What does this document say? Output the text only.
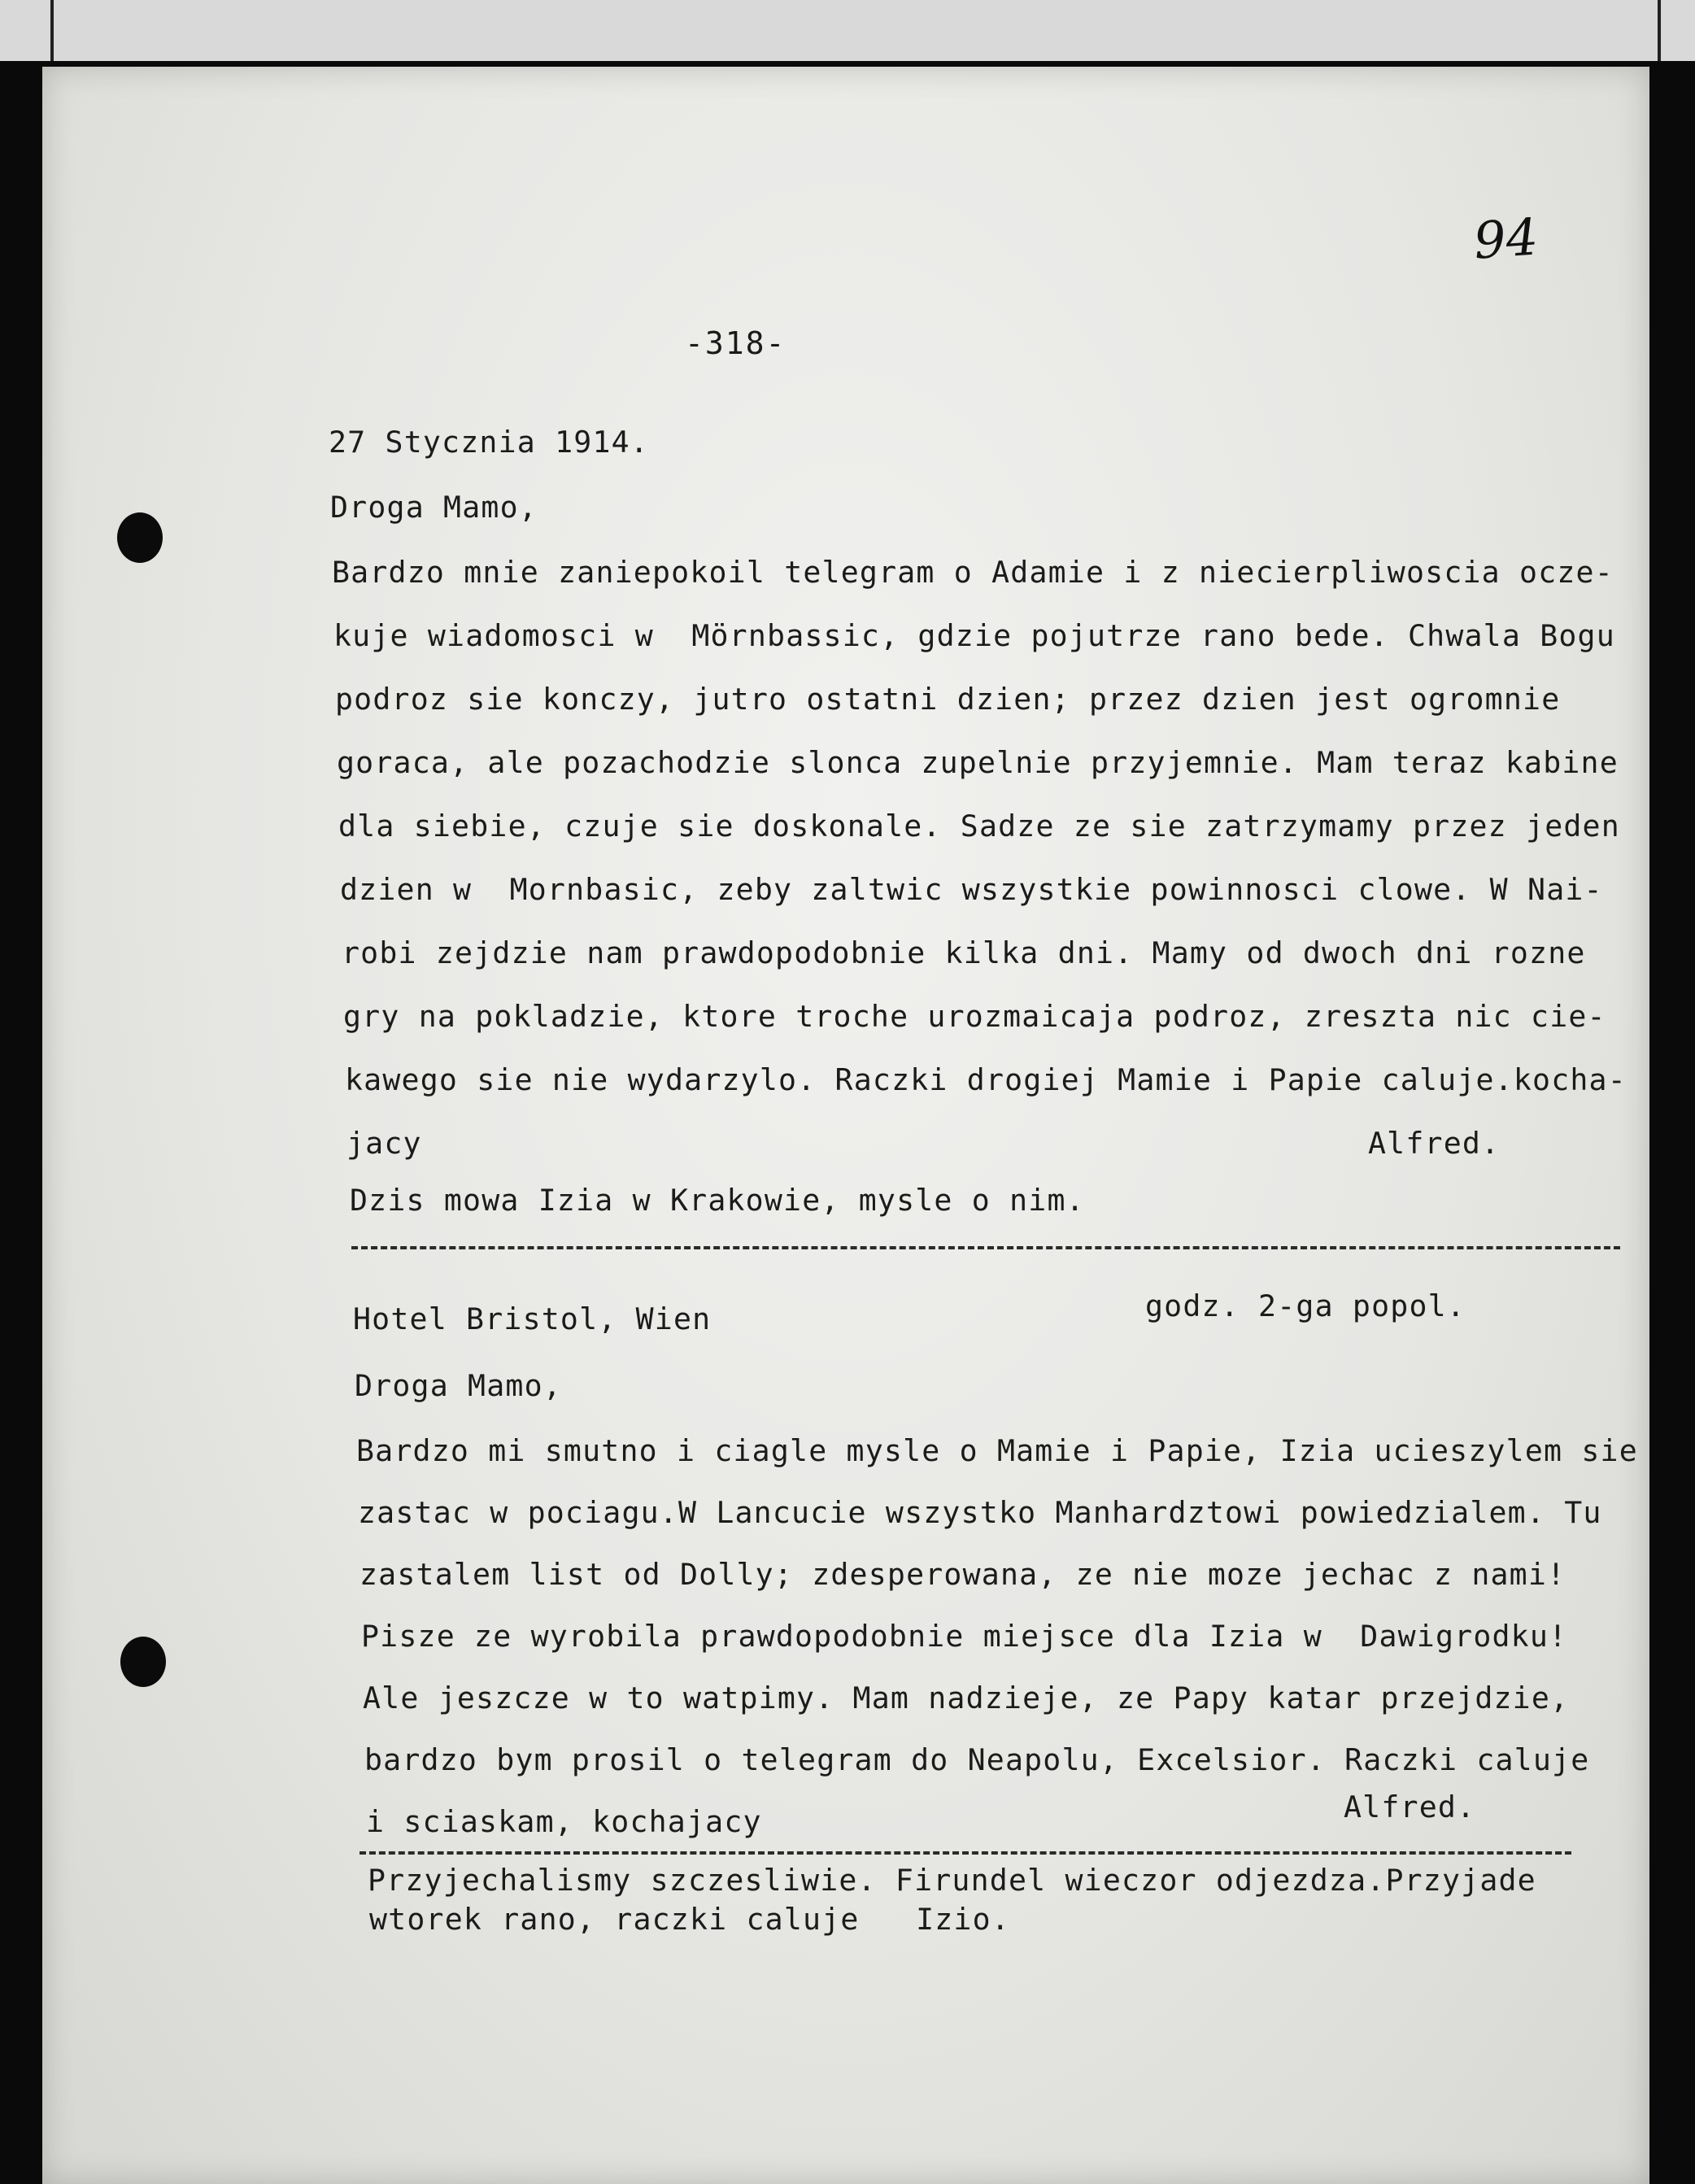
94
-318-
27 Stycznia 1914.
Droga Mamo,
Bardzo mnie zaniepokoil telegram o Adamie i z niecierpliwoscia ocze-
kuje wiadomosci w  Mörnbassic, gdzie pojutrze rano bede. Chwala Bogu
podroz sie konczy, jutro ostatni dzien; przez dzien jest ogromnie
goraca, ale pozachodzie slonca zupelnie przyjemnie. Mam teraz kabine
dla siebie, czuje sie doskonale. Sadze ze sie zatrzymamy przez jeden
dzien w  Mornbasic, zeby zaltwic wszystkie powinnosci clowe. W Nai-
robi zejdzie nam prawdopodobnie kilka dni. Mamy od dwoch dni rozne
gry na pokladzie, ktore troche urozmaicaja podroz, zreszta nic cie-
kawego sie nie wydarzylo. Raczki drogiej Mamie i Papie caluje.kocha-
jacy	Alfred.
Dzis mowa Izia w Krakowie, mysle o nim.
Hotel Bristol, Wien	godz. 2-ga popol.
Droga Mamo,
Bardzo mi smutno i ciagle mysle o Mamie i Papie, Izia ucieszylem sie
zastac w pociagu.W Lancucie wszystko Manhardztowi powiedzialem. Tu
zastalem list od Dolly; zdesperowana, ze nie moze jechac z nami!
Pisze ze wyrobila prawdopodobnie miejsce dla Izia w  Dawigrodku!
Ale jeszcze w to watpimy. Mam nadzieje, ze Papy katar przejdzie,
bardzo bym prosil o telegram do Neapolu, Excelsior. Raczki caluje
i sciaskam, kochajacy	Alfred.
Przyjechalismy szczesliwie. Firundel wieczor odjezdza.Przyjade
wtorek rano, raczki caluje   Izio.
